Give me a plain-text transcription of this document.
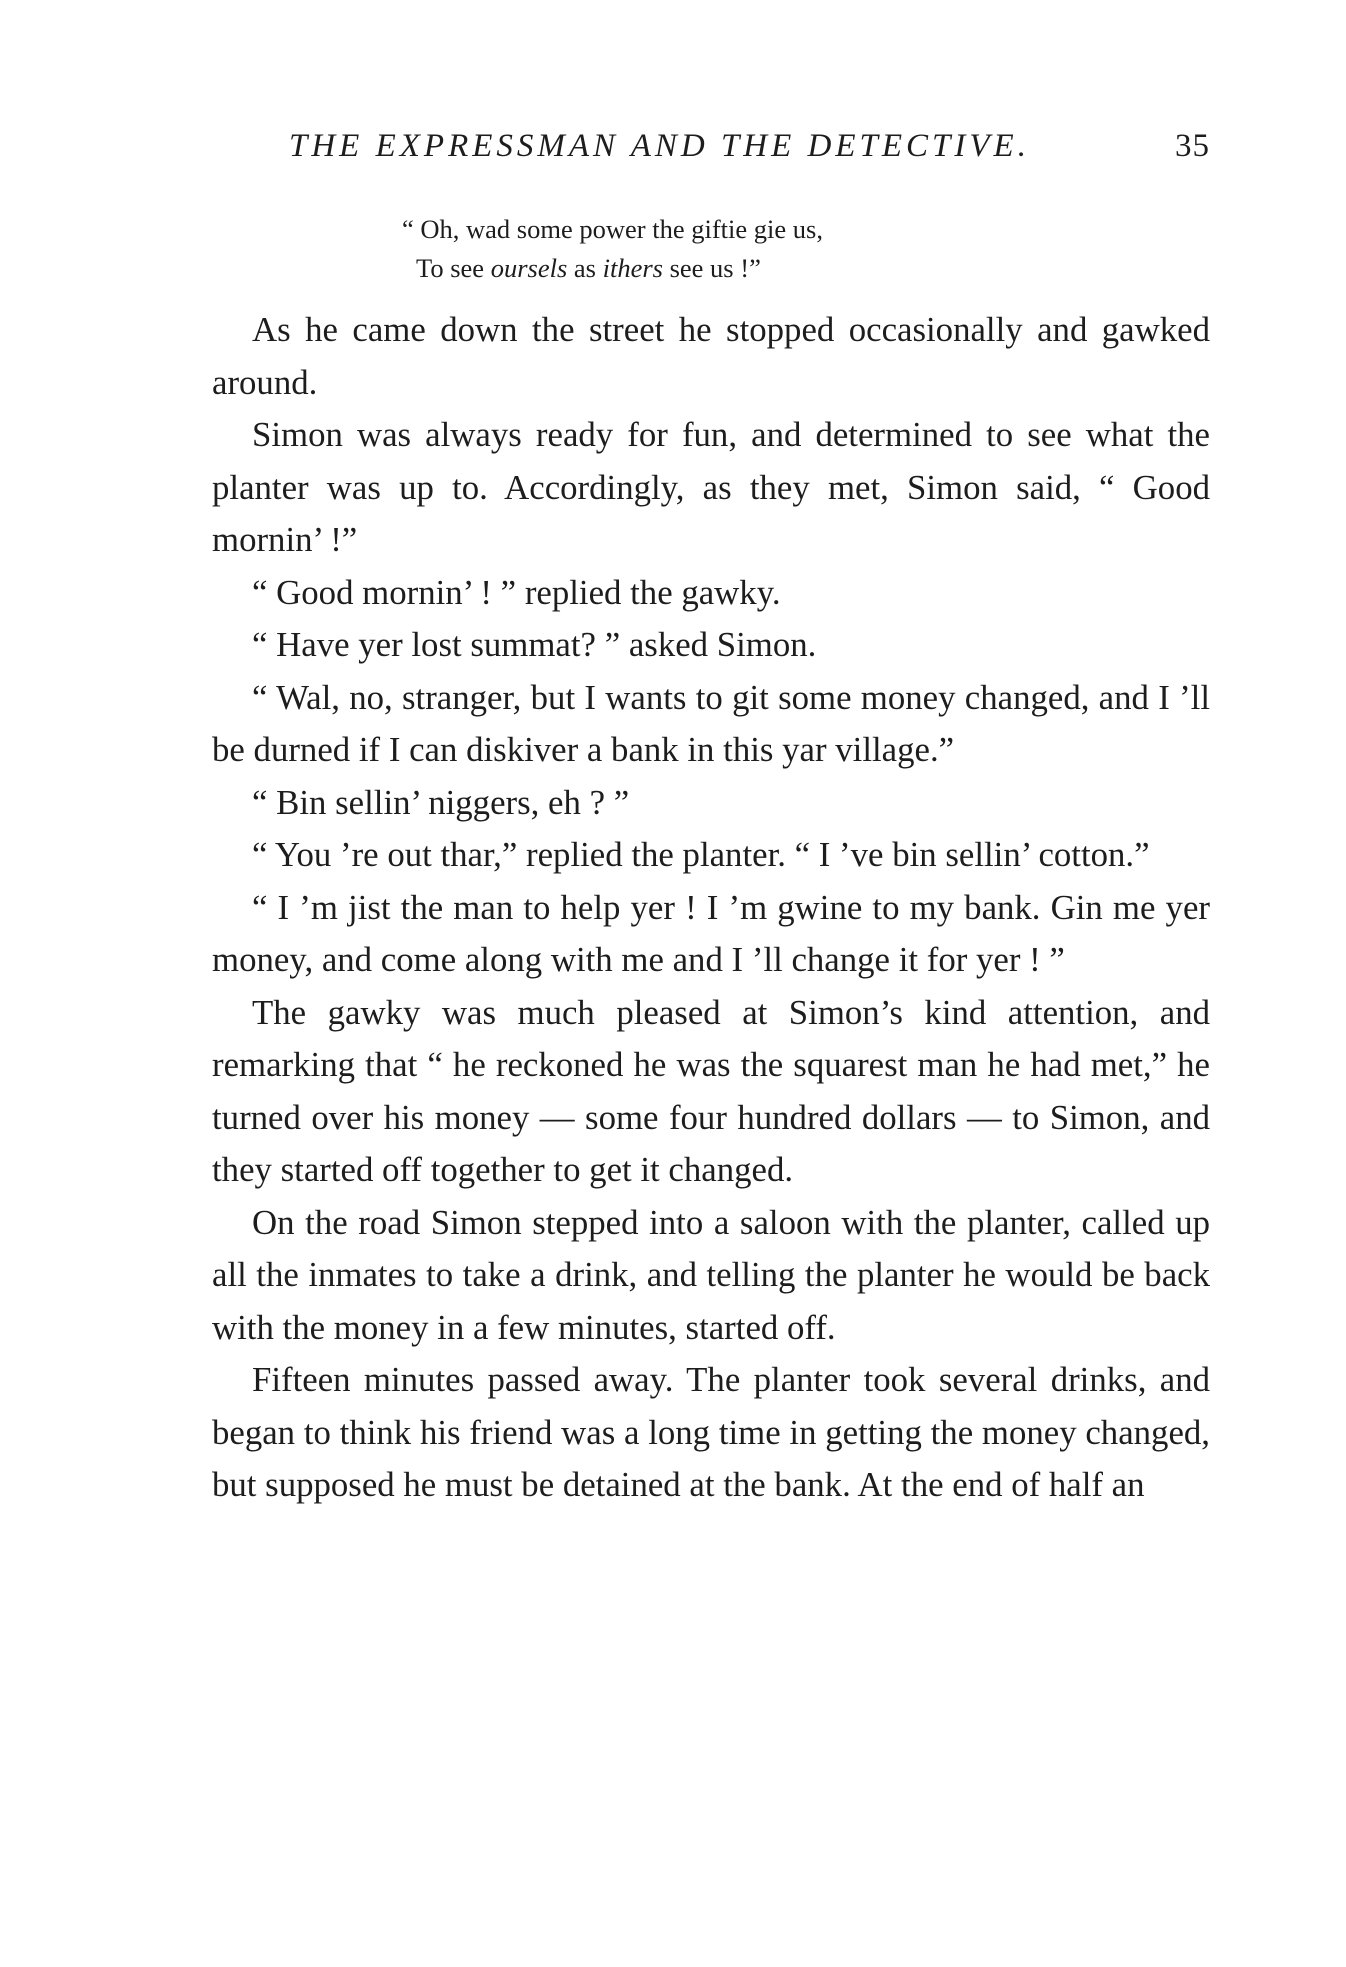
THE EXPRESSMAN AND THE DETECTIVE.	35
“ Oh, wad some power the giftie gie us,
To see oursels as ithers see us !”

As he came down the street he stopped occasionally and gawked around.

Simon was always ready for fun, and determined to see what the planter was up to. Accordingly, as they met, Simon said, “ Good mornin’ !”

“ Good mornin’ ! ” replied the gawky.

“ Have yer lost summat? ” asked Simon.

“ Wal, no, stranger, but I wants to git some money changed, and I ’ll be durned if I can diskiver a bank in this yar village.”

“ Bin sellin’ niggers, eh ? ”

“ You ’re out thar,” replied the planter. “ I ’ve bin sellin’ cotton.”

“ I ’m jist the man to help yer ! I ’m gwine to my bank. Gin me yer money, and come along with me and I ’ll change it for yer ! ”

The gawky was much pleased at Simon’s kind attention, and remarking that “ he reckoned he was the squarest man he had met,” he turned over his money — some four hundred dollars — to Simon, and they started off together to get it changed.

On the road Simon stepped into a saloon with the planter, called up all the inmates to take a drink, and telling the planter he would be back with the money in a few minutes, started off.

Fifteen minutes passed away. The planter took several drinks, and began to think his friend was a long time in getting the money changed, but supposed he must be detained at the bank. At the end of half an
